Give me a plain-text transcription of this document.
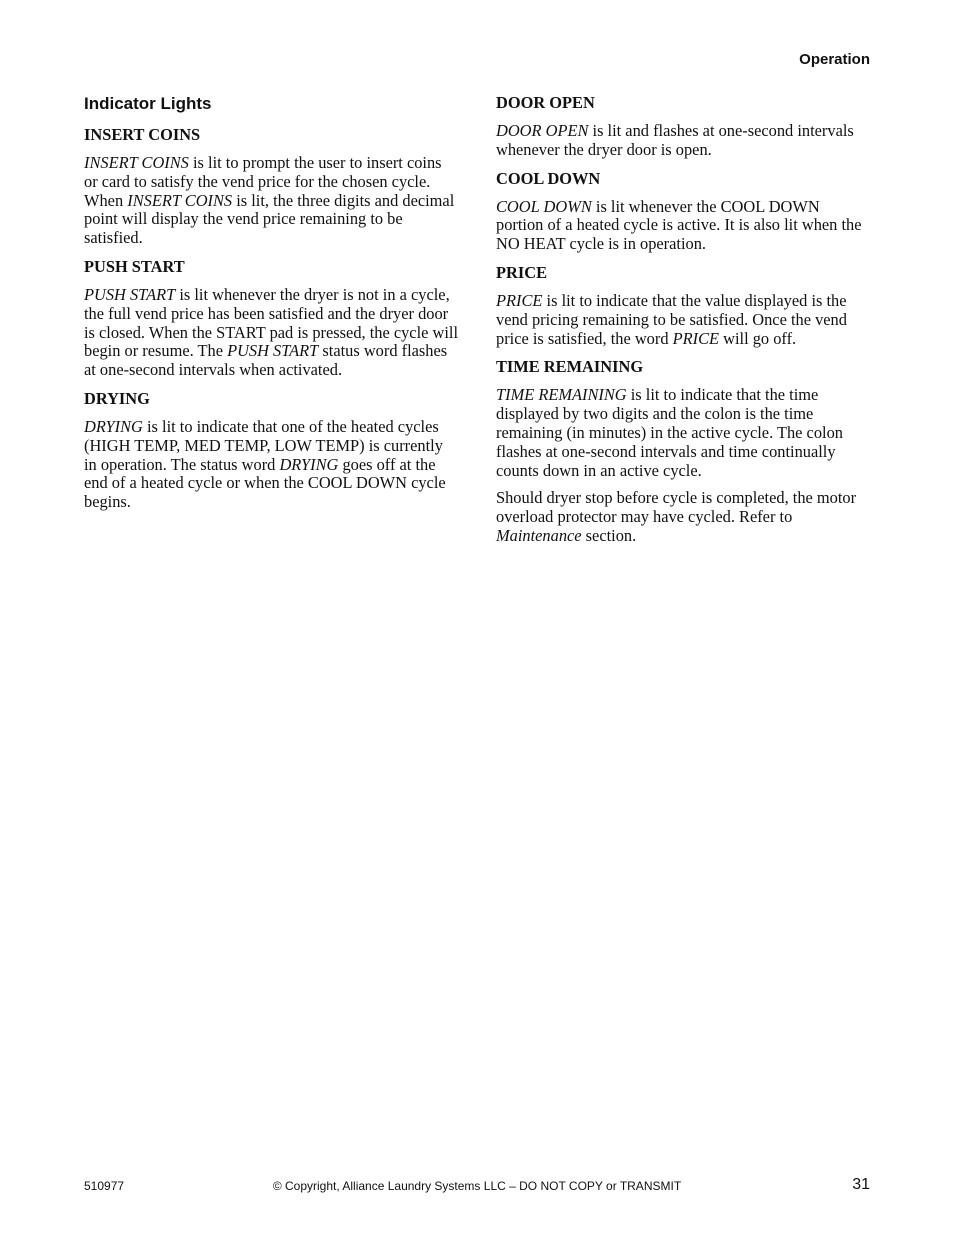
Operation
Indicator Lights
INSERT COINS

INSERT COINS is lit to prompt the user to insert coins or card to satisfy the vend price for the chosen cycle. When INSERT COINS is lit, the three digits and decimal point will display the vend price remaining to be satisfied.

PUSH START

PUSH START is lit whenever the dryer is not in a cycle, the full vend price has been satisfied and the dryer door is closed. When the START pad is pressed, the cycle will begin or resume. The PUSH START status word flashes at one-second intervals when activated.

DRYING

DRYING is lit to indicate that one of the heated cycles (HIGH TEMP, MED TEMP, LOW TEMP) is currently in operation. The status word DRYING goes off at the end of a heated cycle or when the COOL DOWN cycle begins.

DOOR OPEN

DOOR OPEN is lit and flashes at one-second intervals whenever the dryer door is open.

COOL DOWN

COOL DOWN is lit whenever the COOL DOWN portion of a heated cycle is active. It is also lit when the NO HEAT cycle is in operation.

PRICE

PRICE is lit to indicate that the value displayed is the vend pricing remaining to be satisfied. Once the vend price is satisfied, the word PRICE will go off.

TIME REMAINING

TIME REMAINING is lit to indicate that the time displayed by two digits and the colon is the time remaining (in minutes) in the active cycle. The colon flashes at one-second intervals and time continually counts down in an active cycle.

Should dryer stop before cycle is completed, the motor overload protector may have cycled. Refer to Maintenance section.

510977	© Copyright, Alliance Laundry Systems LLC – DO NOT COPY or TRANSMIT	31
